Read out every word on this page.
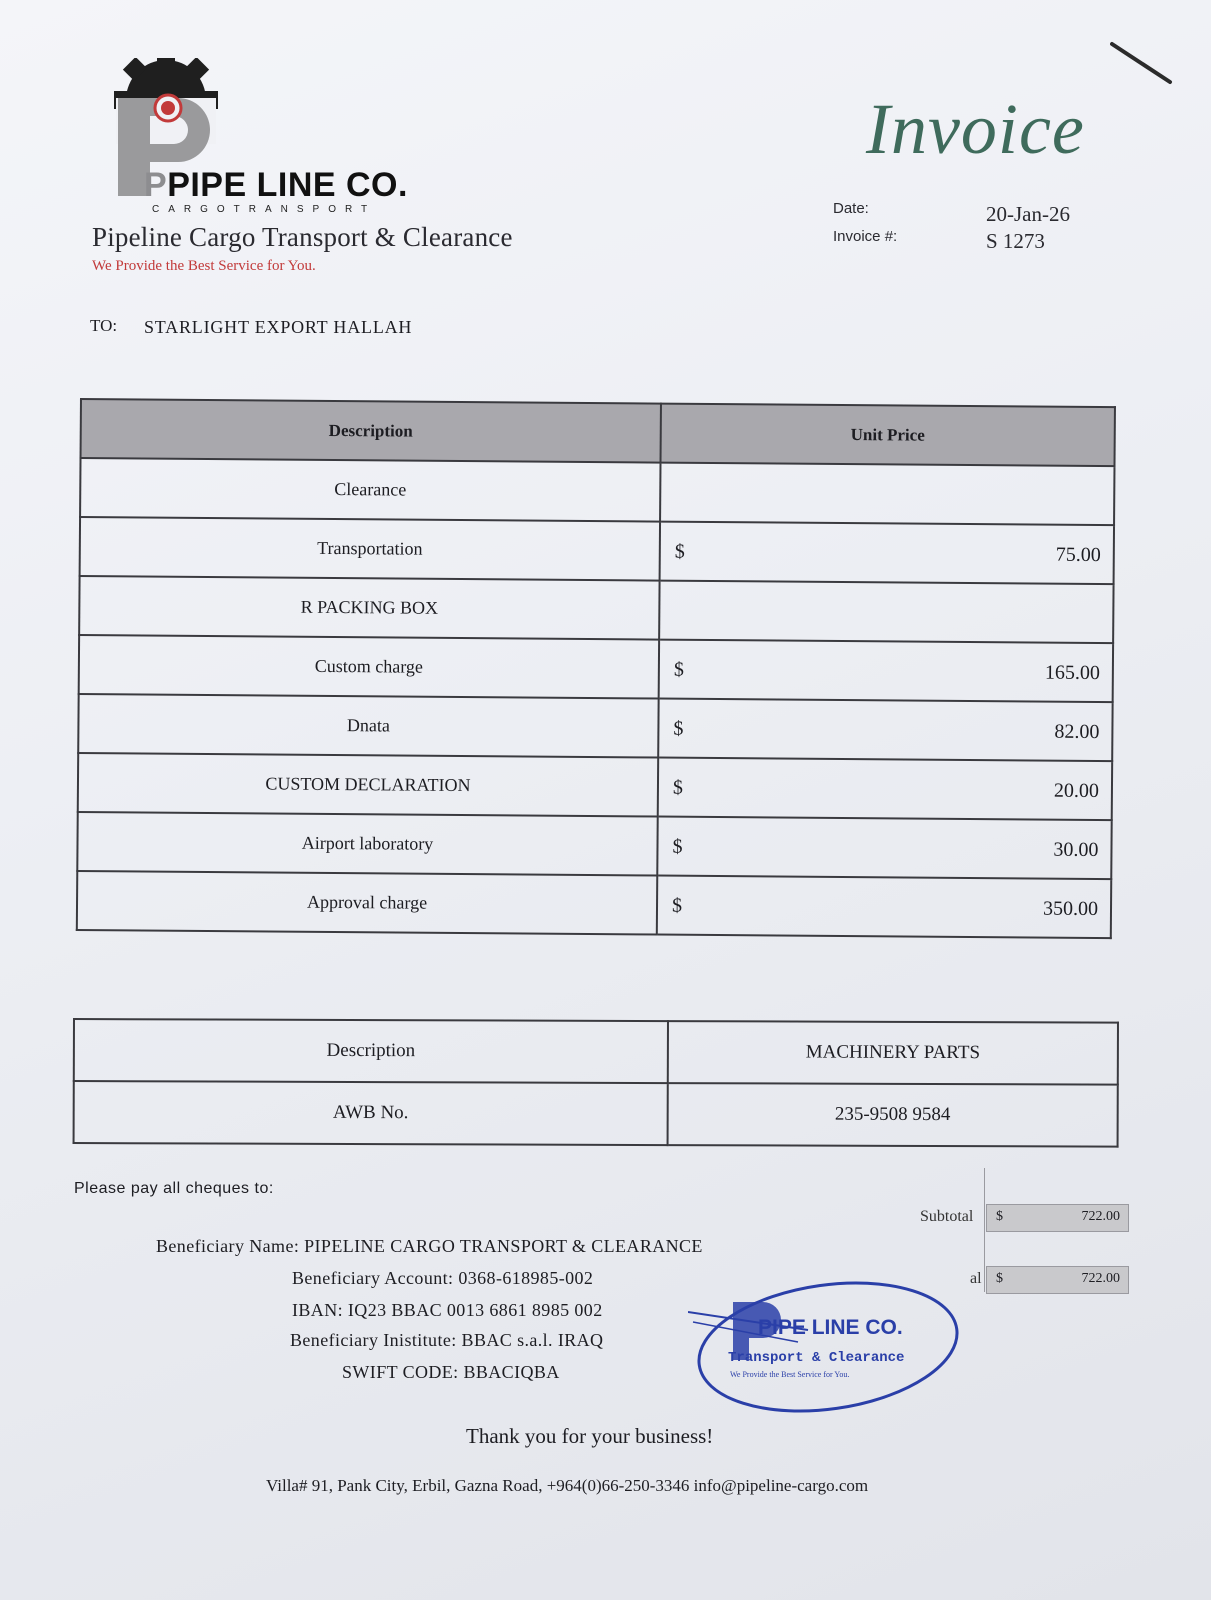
PPIPE LINE CO.
CARGOTRANSPORT
Pipeline Cargo Transport & Clearance
We Provide the Best Service for You.
Invoice
Date:	20-Jan-26
Invoice #:	S 1273
TO: STARLIGHT EXPORT HALLAH
Description	Unit Price
Clearance	

Transportation	$ 75.00

R PACKING BOX	

Custom charge	$ 165.00

Dnata	$ 82.00

CUSTOM DECLARATION	$ 20.00

Airport laboratory	$ 30.00

Approval charge	$ 350.00
Description	MACHINERY PARTS
AWB No.	235-9508 9584
Please pay all cheques to:
Beneficiary Name: PIPELINE CARGO TRANSPORT & CLEARANCE
Beneficiary Account: 0368-618985-002
IBAN: IQ23 BBAC 0013 6861 8985 002
Beneficiary Inistitute: BBAC s.a.l. IRAQ
SWIFT CODE: BBACIQBA
Subtotal $	722.00
al $	722.00
PIPE LINE CO.
Transport & Clearance
We Provide the Best Service for You.
Thank you for your business!
Villa# 91, Pank City, Erbil, Gazna Road, +964(0)66-250-3346 info@pipeline-cargo.com
